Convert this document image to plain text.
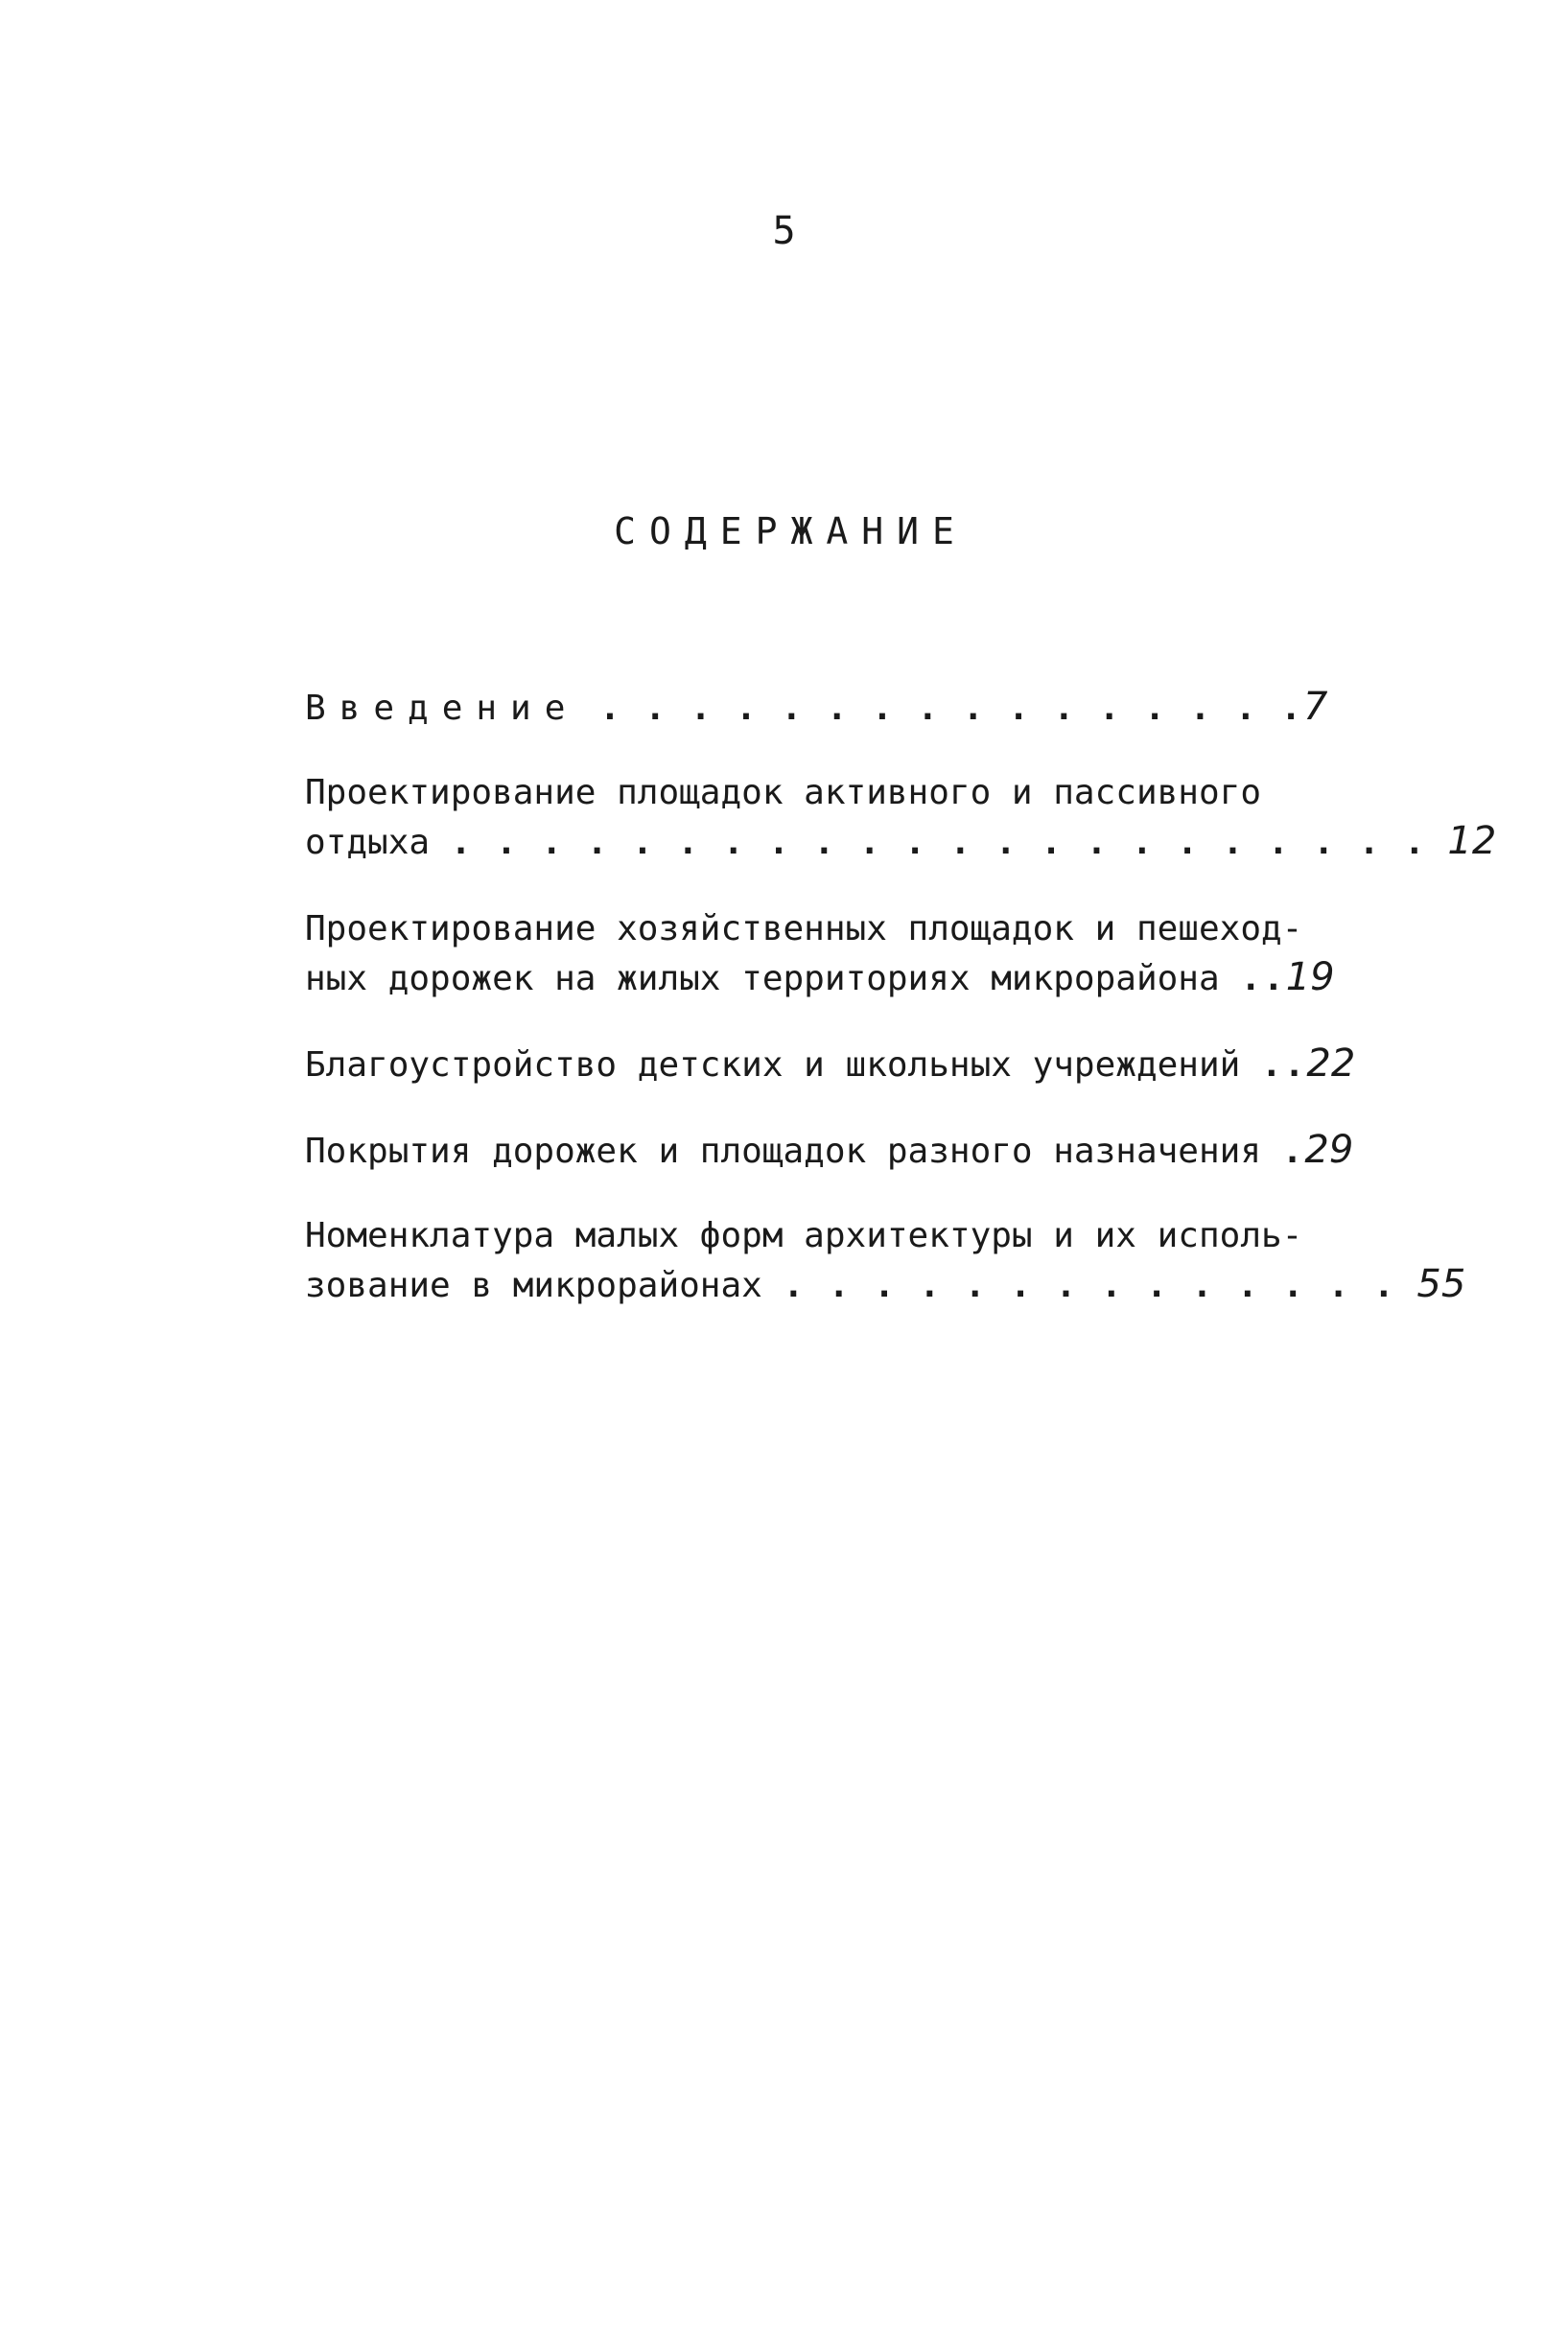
5
СОДЕРЖАНИЕ
Введение . . . . . . . . . . . . . . . .7
Проектирование площадок активного и пассивного
отдыха . . . . . . . . . . . . . . . . . . . . . . 12
Проектирование хозяйственных площадок и пешеход-
ных дорожек на жилых территориях микрорайона ..19
Благоустройство детских и школьных учреждений ..22
Покрытия дорожек и площадок разного назначения .29
Номенклатура малых форм архитектуры и их исполь-
зование в микрорайонах . . . . . . . . . . . . . . 55
